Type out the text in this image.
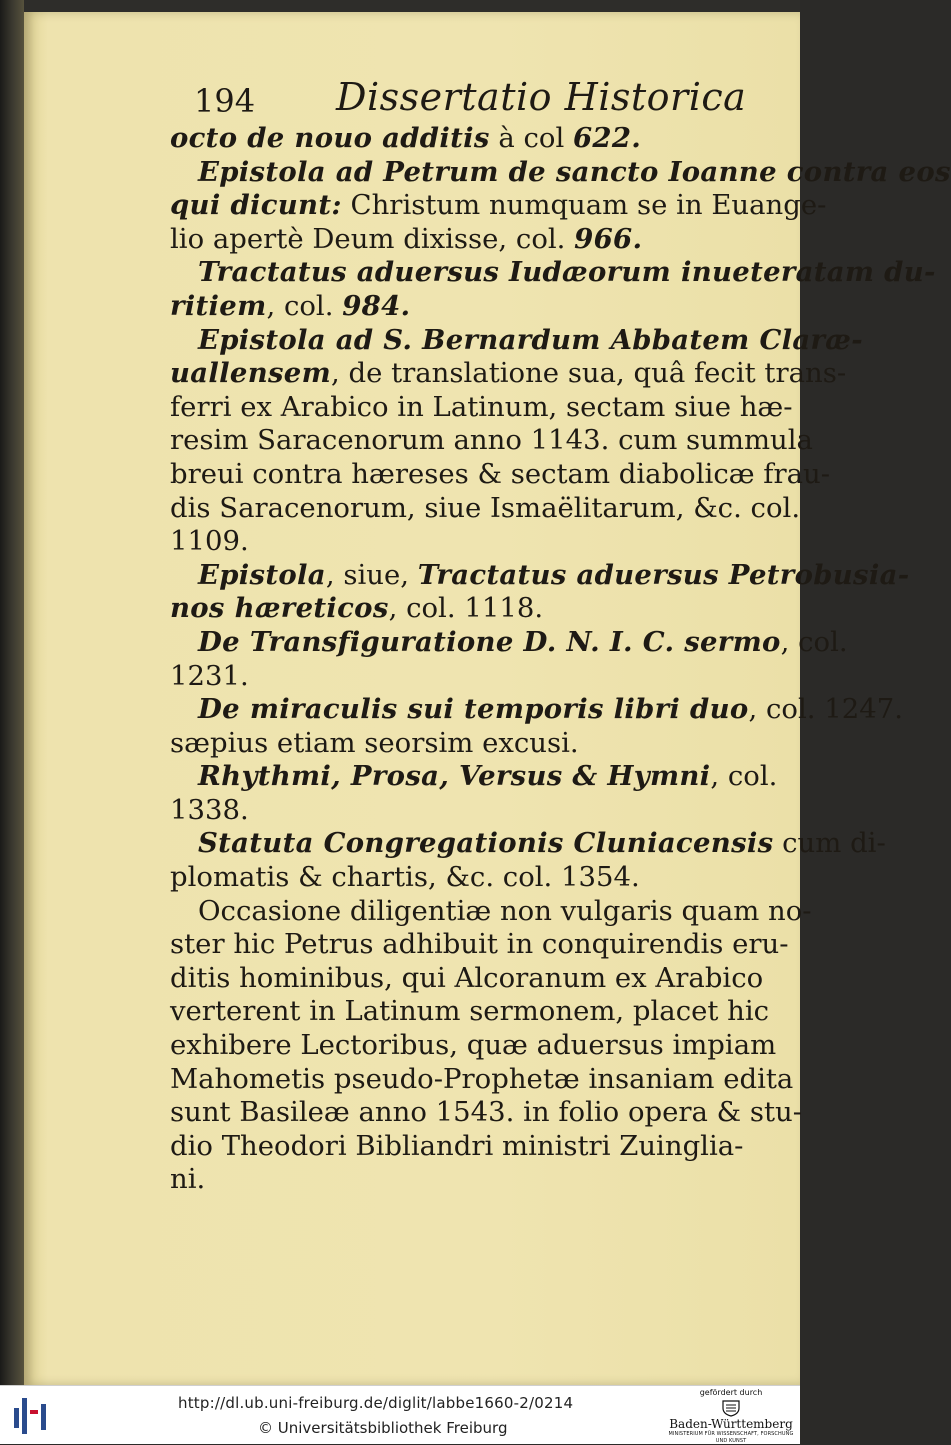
194 Dissertatio Historica
octo de nouo additis à col 622.
Epistola ad Petrum de sancto Ioanne contra eos
qui dicunt: Christum numquam se in Euange-
lio apertè Deum dixisse, col. 966.
Tractatus aduersus Iudæorum inueteratam du-
ritiem, col. 984.
Epistola ad S. Bernardum Abbatem Claræ-
uallensem, de translatione sua, quâ fecit trans-
ferri ex Arabico in Latinum, sectam siue hæ-
resim Saracenorum anno 1143. cum summula
breui contra hæreses & sectam diabolicæ frau-
dis Saracenorum, siue Ismaëlitarum, &c. col.
1109.
Epistola, siue, Tractatus aduersus Petrobusia-
nos hæreticos, col. 1118.
De Transfiguratione D. N. I. C. sermo, col.
1231.
De miraculis sui temporis libri duo, col. 1247.
sæpius etiam seorsim excusi.
Rhythmi, Prosa, Versus & Hymni, col.
1338.
Statuta Congregationis Cluniacensis cum di-
plomatis & chartis, &c. col. 1354.
Occasione diligentiæ non vulgaris quam no-
ster hic Petrus adhibuit in conquirendis eru-
ditis hominibus, qui Alcoranum ex Arabico
verterent in Latinum sermonem, placet hic
exhibere Lectoribus, quæ aduersus impiam
Mahometis pseudo-Prophetæ insaniam edita
sunt Basileæ anno 1543. in folio opera & stu-
dio Theodori Bibliandri ministri Zuinglia-
ni.
http://dl.ub.uni-freiburg.de/diglit/labbe1660-2/0214
© Universitätsbibliothek Freiburg
gefördert durch
Baden-Württemberg
MINISTERIUM FÜR WISSENSCHAFT, FORSCHUNG UND KUNST
